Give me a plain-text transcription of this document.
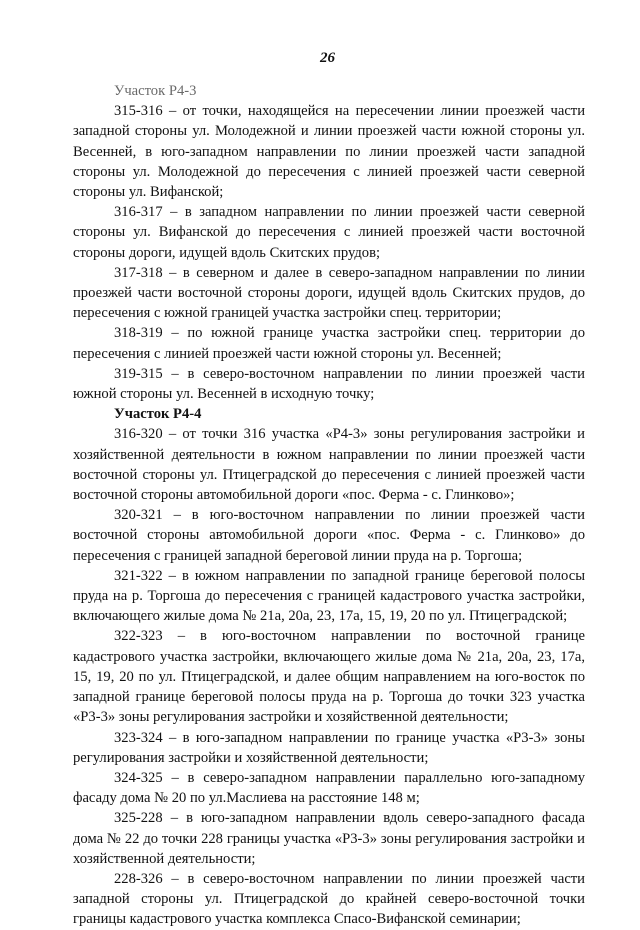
26

Участок Р4-3

315-316 – от точки, находящейся на пересечении линии проезжей части западной стороны ул. Молодежной и линии проезжей части южной стороны ул. Весенней, в юго-западном направлении по линии проезжей части западной стороны ул. Молодежной до пересечения с линией проезжей части северной стороны ул. Вифанской;

316-317 – в западном направлении по линии проезжей части северной стороны ул. Вифанской до пересечения с линией проезжей части восточной стороны дороги, идущей вдоль Скитских прудов;

317-318 – в северном и далее в северо-западном направлении по линии проезжей части восточной стороны дороги, идущей вдоль Скитских прудов, до пересечения с южной границей участка застройки спец. территории;

318-319 – по южной границе участка застройки спец. территории до пересечения с линией проезжей части южной стороны ул. Весенней;

319-315 – в северо-восточном направлении по линии проезжей части южной стороны ул. Весенней в исходную точку;

Участок Р4-4

316-320 – от точки 316 участка «Р4-3» зоны регулирования застройки и хозяйственной деятельности в южном направлении по линии проезжей части восточной стороны ул. Птицеградской до пересечения с линией проезжей части восточной стороны автомобильной дороги «пос. Ферма - с. Глинково»;

320-321 – в юго-восточном направлении по линии проезжей части восточной стороны автомобильной дороги «пос. Ферма - с. Глинково» до пересечения с границей западной береговой линии пруда на р. Торгоша;

321-322 – в южном направлении по западной границе береговой полосы пруда на р. Торгоша до пересечения с границей кадастрового участка застройки, включающего жилые дома № 21а, 20а, 23, 17а, 15, 19, 20 по ул. Птицеградской;

322-323 – в юго-восточном направлении по восточной границе кадастрового участка застройки, включающего жилые дома № 21а, 20а, 23, 17а, 15, 19, 20 по ул. Птицеградской, и далее общим направлением на юго-восток по западной границе береговой полосы пруда на р. Торгоша до точки 323 участка «Р3-3» зоны регулирования застройки и хозяйственной деятельности;

323-324 – в юго-западном направлении по границе участка «Р3-3» зоны регулирования застройки и хозяйственной деятельности;

324-325 – в северо-западном направлении параллельно юго-западному фасаду дома № 20 по ул.Маслиева на расстояние 148 м;

325-228 – в юго-западном направлении вдоль северо-западного фасада дома № 22 до точки 228 границы участка «Р3-3» зоны регулирования застройки и хозяйственной деятельности;

228-326 – в северо-восточном направлении по линии проезжей части западной стороны ул. Птицеградской до крайней северо-восточной точки границы кадастрового участка комплекса Спасо-Вифанской семинарии;
